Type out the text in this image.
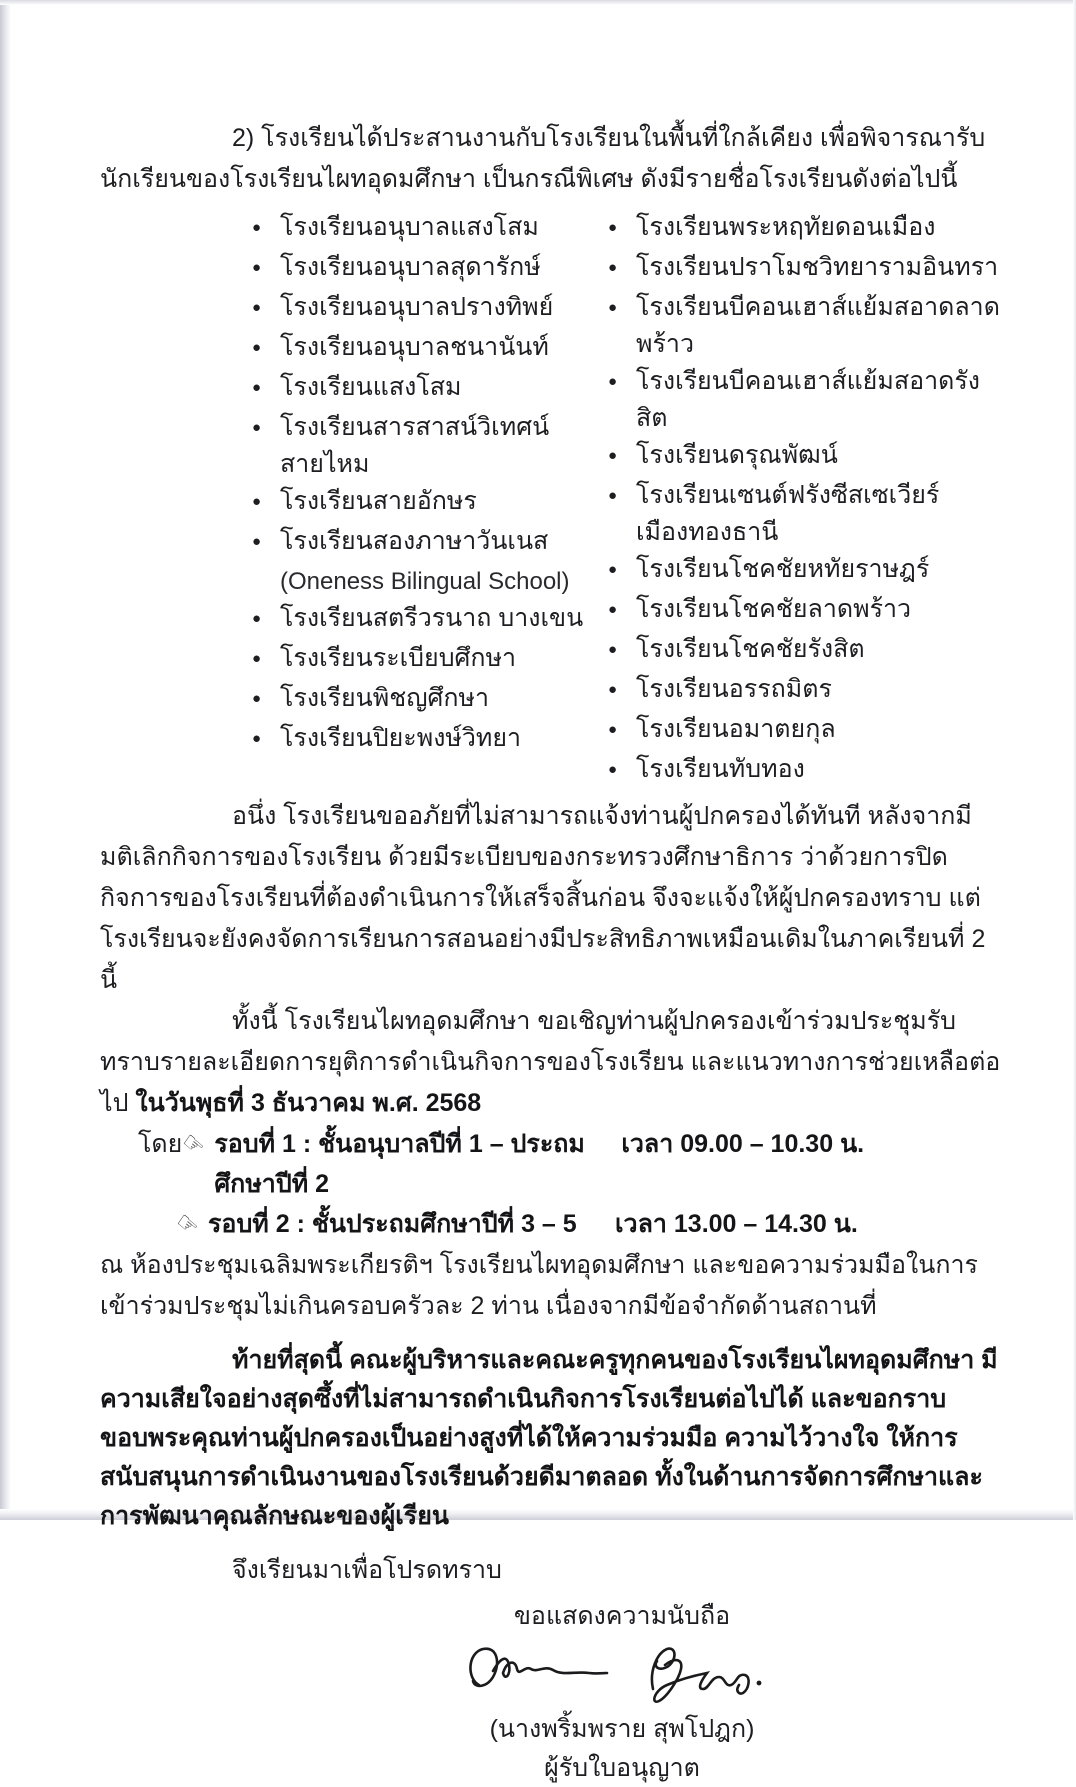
2) โรงเรียนได้ประสานงานกับโรงเรียนในพื้นที่ใกล้เคียง เพื่อพิจารณารับนักเรียนของโรงเรียนไผทอุดมศึกษา เป็นกรณีพิเศษ ดังมีรายชื่อโรงเรียนดังต่อไปนี้

● โรงเรียนอนุบาลแสงโสม
● โรงเรียนอนุบาลสุดารักษ์
● โรงเรียนอนุบาลปรางทิพย์
● โรงเรียนอนุบาลชนานันท์
● โรงเรียนแสงโสม
● โรงเรียนสารสาสน์วิเทศน์สายไหม
● โรงเรียนสายอักษร
● โรงเรียนสองภาษาวันเนส
(Oneness Bilingual School)
● โรงเรียนสตรีวรนาถ บางเขน
● โรงเรียนระเบียบศึกษา
● โรงเรียนพิชญศึกษา
● โรงเรียนปิยะพงษ์วิทยา
● โรงเรียนพระหฤทัยดอนเมือง
● โรงเรียนปราโมชวิทยารามอินทรา
● โรงเรียนบีคอนเฮาส์แย้มสอาดลาดพร้าว
● โรงเรียนบีคอนเฮาส์แย้มสอาดรังสิต
● โรงเรียนดรุณพัฒน์
● โรงเรียนเซนต์ฟรังซีสเซเวียร์ เมืองทองธานี
● โรงเรียนโชคชัยหทัยราษฎร์
● โรงเรียนโชคชัยลาดพร้าว
● โรงเรียนโชคชัยรังสิต
● โรงเรียนอรรถมิตร
● โรงเรียนอมาตยกุล
● โรงเรียนทับทอง

อนึ่ง โรงเรียนขออภัยที่ไม่สามารถแจ้งท่านผู้ปกครองได้ทันที หลังจากมีมติเลิกกิจการของโรงเรียน ด้วยมีระเบียบของกระทรวงศึกษาธิการ ว่าด้วยการปิดกิจการของโรงเรียนที่ต้องดำเนินการให้เสร็จสิ้นก่อน จึงจะแจ้งให้ผู้ปกครองทราบ แต่โรงเรียนจะยังคงจัดการเรียนการสอนอย่างมีประสิทธิภาพเหมือนเดิมในภาคเรียนที่ 2 นี้

ทั้งนี้ โรงเรียนไผทอุดมศึกษา ขอเชิญท่านผู้ปกครองเข้าร่วมประชุมรับทราบรายละเอียดการยุติการดำเนินกิจการของโรงเรียน และแนวทางการช่วยเหลือต่อไป ในวันพุธที่ 3 ธันวาคม พ.ศ. 2568

โดย
☞ รอบที่ 1 : ชั้นอนุบาลปีที่ 1 – ประถมศึกษาปีที่ 2
เวลา 09.00 – 10.30 น.
☞ รอบที่ 2 : ชั้นประถมศึกษาปีที่ 3 – 5	เวลา 13.00 – 14.30 น.

ณ ห้องประชุมเฉลิมพระเกียรติฯ โรงเรียนไผทอุดมศึกษา และขอความร่วมมือในการเข้าร่วมประชุมไม่เกินครอบครัวละ 2 ท่าน เนื่องจากมีข้อจำกัดด้านสถานที่

ท้ายที่สุดนี้ คณะผู้บริหารและคณะครูทุกคนของโรงเรียนไผทอุดมศึกษา มีความเสียใจอย่างสุดซึ้งที่ไม่สามารถดำเนินกิจการโรงเรียนต่อไปได้ และขอกราบขอบพระคุณท่านผู้ปกครองเป็นอย่างสูงที่ได้ให้ความร่วมมือ ความไว้วางใจ ให้การสนับสนุนการดำเนินงานของโรงเรียนด้วยดีมาตลอด ทั้งในด้านการจัดการศึกษาและการพัฒนาคุณลักษณะของผู้เรียน

จึงเรียนมาเพื่อโปรดทราบ

ขอแสดงความนับถือ
(นางพริ้มพราย สุพโปฎก)
ผู้รับใบอนุญาต
